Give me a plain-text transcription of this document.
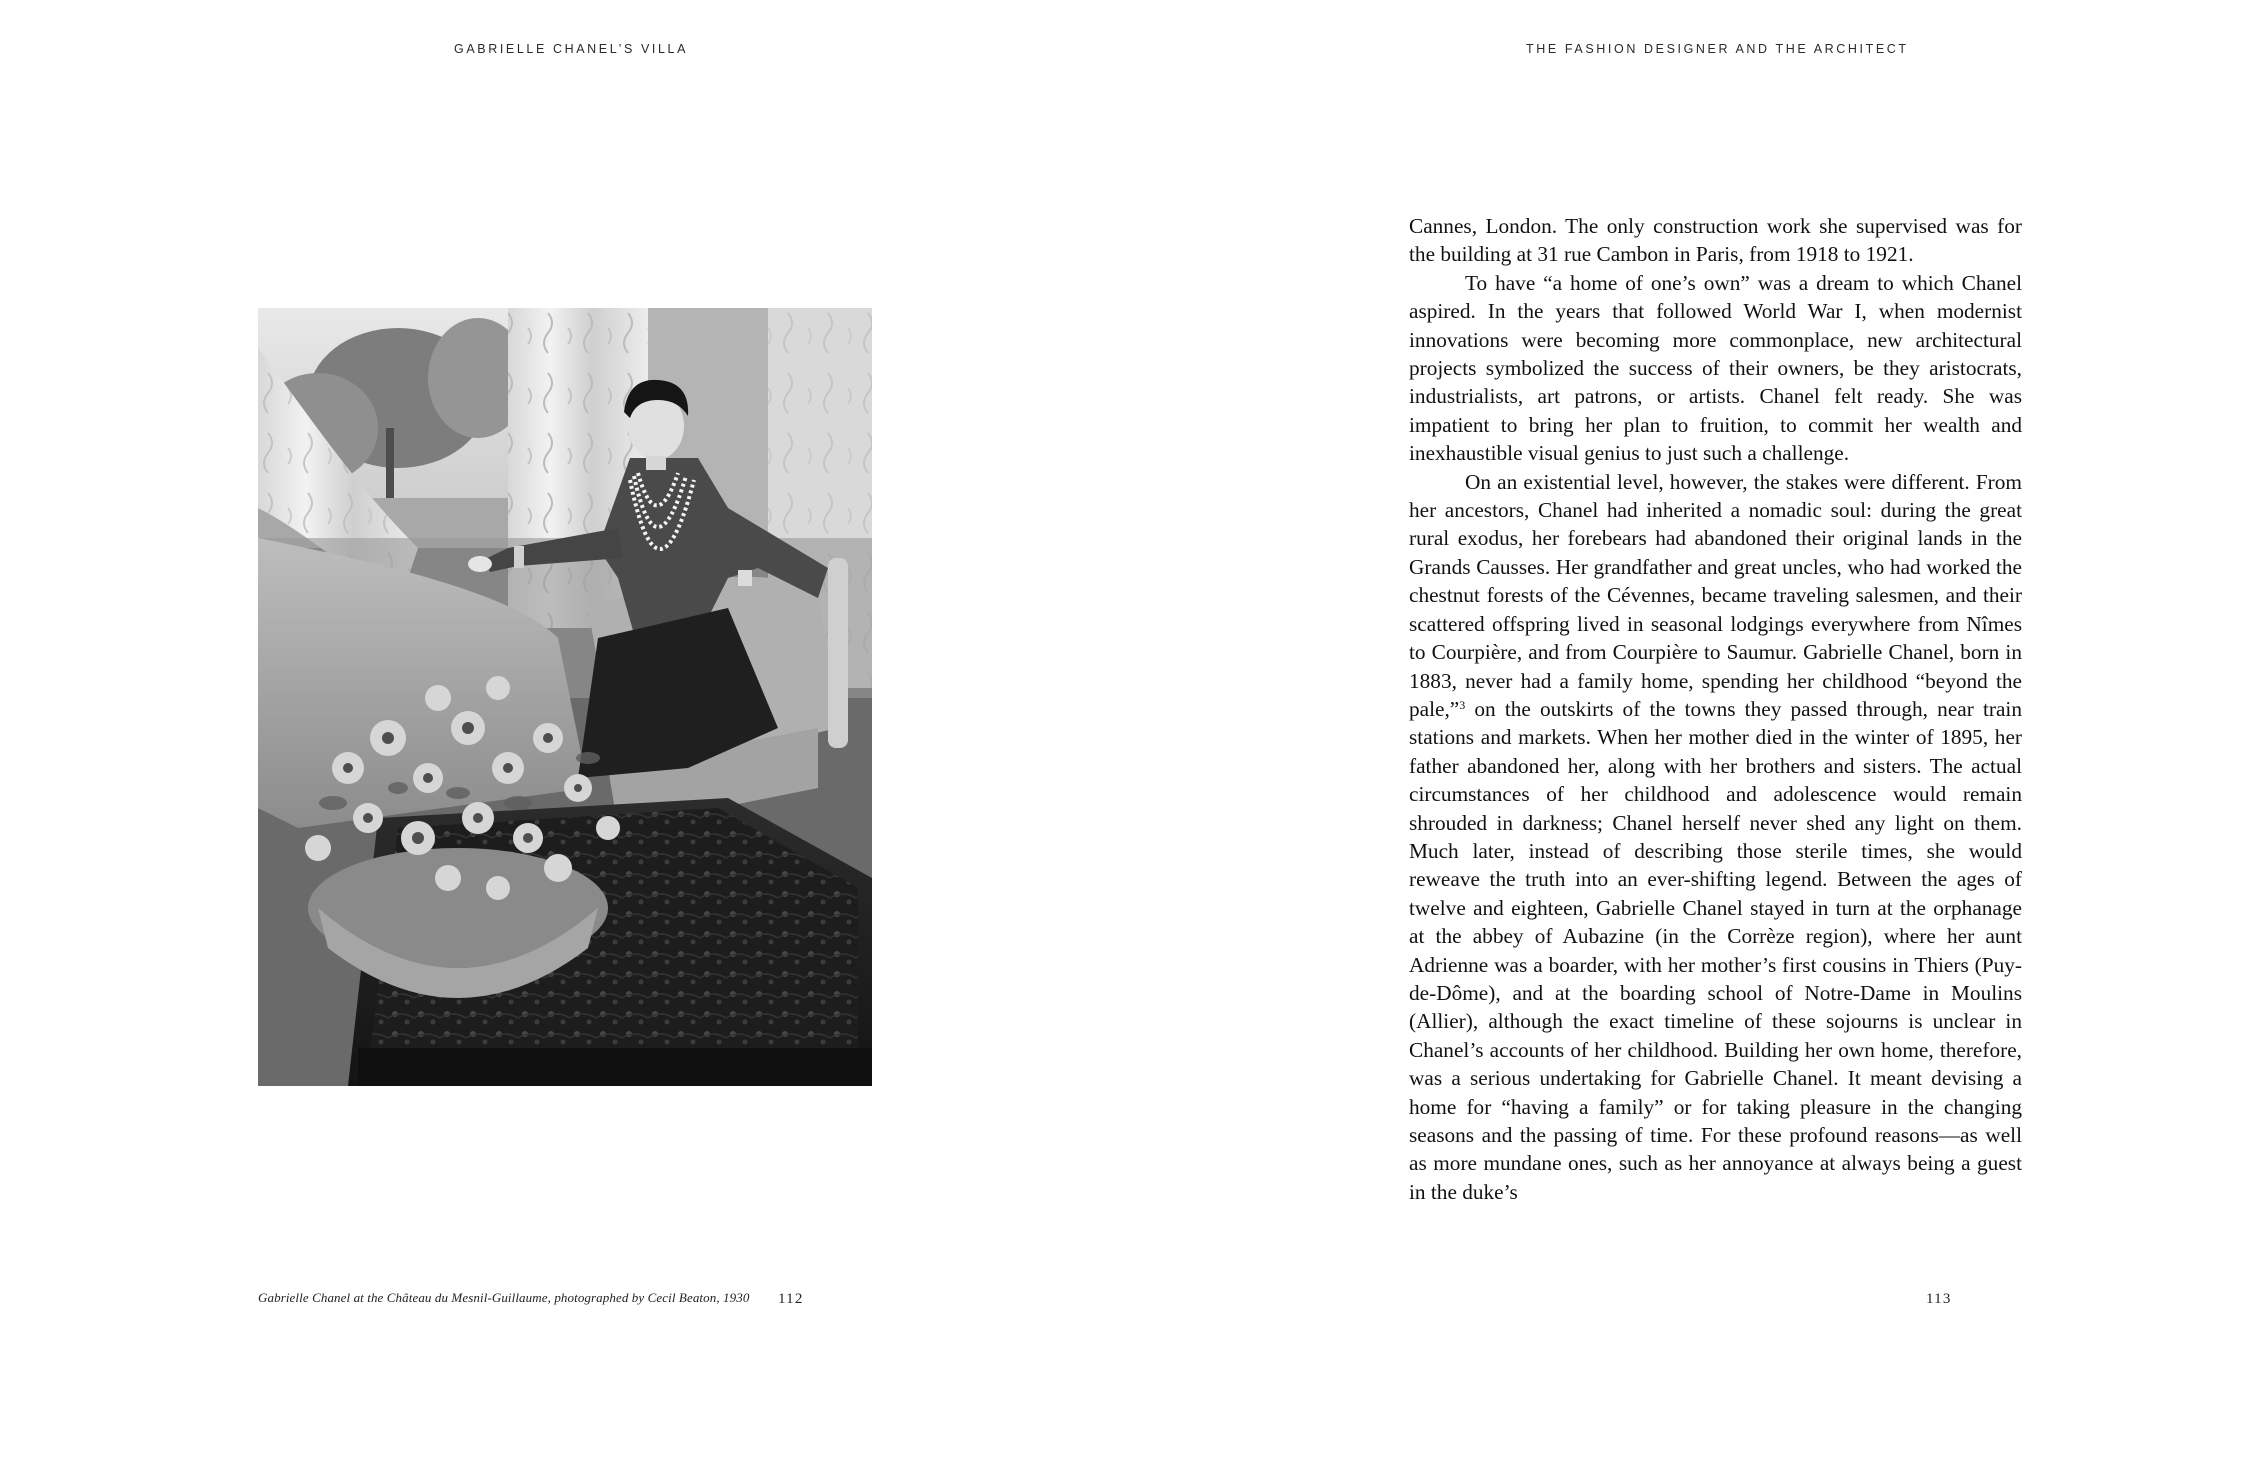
GABRIELLE CHANEL’S VILLA	THE FASHION DESIGNER AND THE ARCHITECT
Gabrielle Chanel at the Château du Mesnil-Guillaume, photographed by Cecil Beaton, 1930 112	113

Cannes, London. The only construction work she supervised was for the building at 31 rue Cambon in Paris, from 1918 to 1921.

To have “a home of one’s own” was a dream to which Chanel aspired. In the years that followed World War I, when modernist innovations were becoming more commonplace, new architectural projects symbolized the success of their owners, be they aristocrats, industrialists, art patrons, or artists. Chanel felt ready. She was impatient to bring her plan to fruition, to commit her wealth and inexhaustible visual genius to just such a challenge.

On an existential level, however, the stakes were different. From her ancestors, Chanel had inherited a nomadic soul: during the great rural exodus, her forebears had abandoned their original lands in the Grands Causses. Her grandfather and great uncles, who had worked the chestnut forests of the Cévennes, became traveling salesmen, and their scattered offspring lived in seasonal lodgings everywhere from Nîmes to Courpière, and from Courpière to Saumur. Gabrielle Chanel, born in 1883, never had a family home, spending her childhood “beyond the pale,”$^3$ on the outskirts of the towns they passed through, near train stations and markets. When her mother died in the winter of 1895, her father abandoned her, along with her brothers and sisters. The actual circumstances of her childhood and adolescence would remain shrouded in darkness; Chanel herself never shed any light on them. Much later, instead of describing those sterile times, she would reweave the truth into an ever-shifting legend. Between the ages of twelve and eighteen, Gabrielle Chanel stayed in turn at the orphanage at the abbey of Aubazine (in the Corrèze region), where her aunt Adrienne was a boarder, with her mother’s first cousins in Thiers (Puy-de-Dôme), and at the boarding school of Notre-Dame in Moulins (Allier), although the exact timeline of these sojourns is unclear in Chanel’s accounts of her childhood. Building her own home, therefore, was a serious undertaking for Gabrielle Chanel. It meant devising a home for “having a family” or for taking pleasure in the changing seasons and the passing of time. For these profound reasons—as well as more mundane ones, such as her annoyance at always being a guest in the duke’s
